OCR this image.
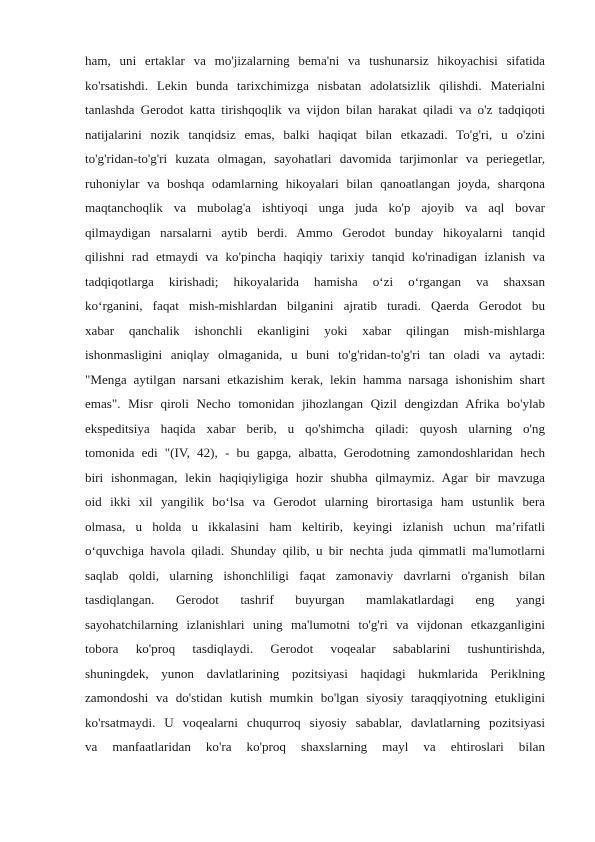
ham, uni ertaklar va mo'jizalarning bema'ni va tushunarsiz hikoyachisi sifatida
ko'rsatishdi. Lekin bunda tarixchimizga nisbatan adolatsizlik qilishdi. Materialni
tanlashda Gerodot katta tirishqoqlik va vijdon bilan harakat qiladi va o'z tadqiqoti
natijalarini nozik tanqidsiz emas, balki haqiqat bilan etkazadi. To'g'ri, u o'zini
to'g'ridan-to'g'ri kuzata olmagan, sayohatlari davomida tarjimonlar va periegetlar,
ruhoniylar va boshqa odamlarning hikoyalari bilan qanoatlangan joyda, sharqona
maqtanchoqlik va mubolag'a ishtiyoqi unga juda ko'p ajoyib va aql bovar
qilmaydigan narsalarni aytib berdi. Ammo Gerodot bunday hikoyalarni tanqid
qilishni rad etmaydi va ko'pincha haqiqiy tarixiy tanqid ko'rinadigan izlanish va
tadqiqotlarga kirishadi; hikoyalarida hamisha o‘zi o‘rgangan va shaxsan
ko‘rganini, faqat mish-mishlardan bilganini ajratib turadi. Qaerda Gerodot bu
xabar qanchalik ishonchli ekanligini yoki xabar qilingan mish-mishlarga
ishonmasligini aniqlay olmaganida, u buni to'g'ridan-to'g'ri tan oladi va aytadi:
"Menga aytilgan narsani etkazishim kerak, lekin hamma narsaga ishonishim shart
emas". Misr qiroli Necho tomonidan jihozlangan Qizil dengizdan Afrika bo'ylab
ekspeditsiya haqida xabar berib, u qo'shimcha qiladi: quyosh ularning o'ng
tomonida edi "(IV, 42), - bu gapga, albatta, Gerodotning zamondoshlaridan hech
biri ishonmagan, lekin haqiqiyligiga hozir shubha qilmaymiz. Agar bir mavzuga
oid ikki xil yangilik bo‘lsa va Gerodot ularning birortasiga ham ustunlik bera
olmasa, u holda u ikkalasini ham keltirib, keyingi izlanish uchun ma’rifatli
o‘quvchiga havola qiladi. Shunday qilib, u bir nechta juda qimmatli ma'lumotlarni
saqlab qoldi, ularning ishonchliligi faqat zamonaviy davrlarni o'rganish bilan
tasdiqlangan. Gerodot tashrif buyurgan mamlakatlardagi eng yangi
sayohatchilarning izlanishlari uning ma'lumotni to'g'ri va vijdonan etkazganligini
tobora ko'proq tasdiqlaydi. Gerodot voqealar sabablarini tushuntirishda,
shuningdek, yunon davlatlarining pozitsiyasi haqidagi hukmlarida Periklning
zamondoshi va do'stidan kutish mumkin bo'lgan siyosiy taraqqiyotning etukligini
ko'rsatmaydi. U voqealarni chuqurroq siyosiy sabablar, davlatlarning pozitsiyasi
va manfaatlaridan ko'ra ko'proq shaxslarning mayl va ehtiroslari bilan
